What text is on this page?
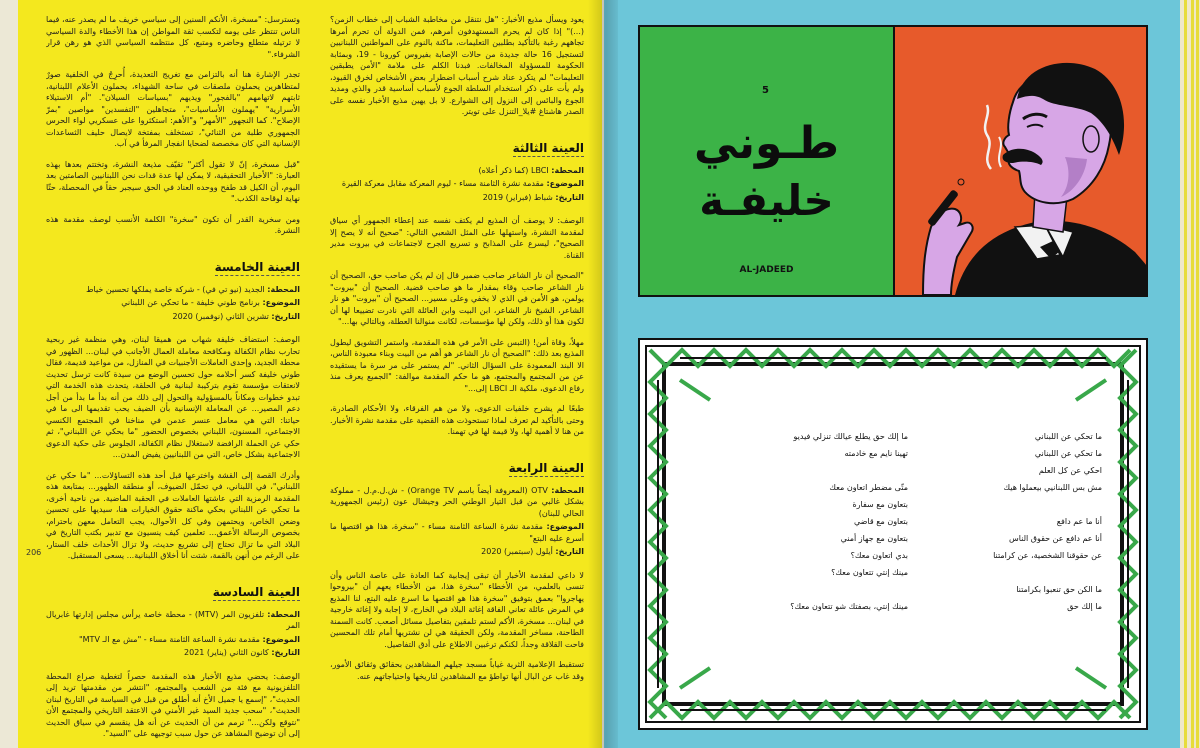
206

يعود ويسأل مذيع الأخبار: "هل نتنقل من مخاطبة الشباب إلى خطاب الزمن؟ (...)" إذا كان لم يحرم المستهدفون أمرهم، فمن الدولة أن تحرم أمرها تجاههم رغبة بالتأكيد بطلبين التعليمات، ماكنة بالنوم على المواطنين اللبنانيين لتستجيل 16 حالة جديدة من حالات الإصابة بفيروس كورونا - 19، وبمثابة الحكومة للمسؤولة المخالفات. فبدنا الكلم على ملامة "الأمن يطبقين التعليمات" لم يتكرد عناد شرح أسباب اضطرار بعض الأشخاص لخرق القيود، ولم يأت على ذكر استخدام السلطة الجوع لأسباب أساسية قدر والذي ومديد الجوع والبائس إلى النزول إلى الشوارع. لا بل يهين مذيع الأخبار نفسه على الصدر هاشتاغ #يلا_التنزل على تويتر.

العينة الثالثة
المحطة: LBCI (كما ذكر أعلاه)
الموضوع: مقدمة نشرة الثامنة مساء - ليوم المعركة مقابل معركة القيرة
التاريخ: شباط (فبراير) 2019

الوصف: لا يوصف أن المذيع لم يكتف نفسه عند إعطاء الجمهور أي سياق لمقدمة النشرة، واستهلها على المثل الشعبي التالي: "صحيح أنه لا يصح إلا الصحيح"، ليسرع على المذابح و تسريع الجرح لاجتماعات في بيروت مدير القناة.

"الصحيح أن نار الشاعر صاحب ضمير قال إن لم يكن صاحب حق، الصحيح أن نار الشاعر صاحب وقاء بمقدار ما هو صاحب قضية. الصحيح أن "بيروت" يولمن، هو الأمن في الذي لا يخفي وعلى مسير... الصحيح أن "بيروت" هو نار الشاعر، الشيخ نار الشاعر، ابن البيت وابن العائلة التي نادرت تضييعا لها أن لكون هذا أو ذلك، ولكن لها مؤسسات، لكانت منوالنا العطلة، وبالتالي بها..."

مهلاً، وقاة أمن! (التبس على الأمر في هذه المقدمة، واستمر التشويق ليطول المذيع بعد ذلك: "الصحيح أن نار الشاعر هو أهم من البيت وبناء معبودة الناس، الا البند المعمودة على السؤال الثاني. "لم يستمر على مر سرة ما يستقيده عن من المجتمع والمجتمع، هو ما حكم المقدمة موالفة: "الجميع يعرف منذ رفاع الدعوى، ملكية الـ LBCI إلى..."

طبعًا لم يشرح خلفيات الدعوى، ولا من هم الفرقاء، ولا الأحكام الصادرة، وحتى بالتأكيد لم تعرف لماذا تستحوذت هذه القضية على مقدمة نشرة الأخبار. من هنا لا أهمية لها، ولا قيمة لها في تهمنا.

العينة الرابعة
المحطة: OTV (المعروفة أيضاً باسم Orange TV) - ش.ل.م.ل - مملوكة بشكل غالبي من قبل التيار الوطني الحر وجيشال عون (رئيس الجمهورية الحالي للبنان)
الموضوع: مقدمة نشرة الساعة الثامنة مساء - "سخرة، هذا هو اقتصها ما أسرع عليه البتع"
التاريخ: أيلول (سبتمبر) 2020

لا داعي لمقدمة الأخبار أن تبقى إيجابية كما العادة على عاصة الناس وأن تنسى بالعلمي، من الأخطاء "سخرة هذا، من الأخطاء يعهم أن "بيروحوا يهاجروا" بعمق بتوفيق "سخرة هذا هو اقتصها ما اسرع عليه البتع، لنا المذيع في المرض عائلة تعاني الفاقة إغاثة البلاد في الخارج، لا إجابة ولا إغاثة خارجية في لبنان... مسخرة، الأكم لستم تلمقين بتفاصيل مسائل أصعب. كانت السمنة الطاحنة، مساخر المقدمة، ولكن الحقيقة هي لن نشتريها أمام تلك المحسين فاحت القلاقة وجداً، لكنكم ترغبين الاطلاع على أدق التفاصيل.

تستقبط الإعلامية الثرية غياباً مسجد جيلهم المشاهدين بحقائق وثقائق الأمور، وقد غاب عن البال أنها تواطؤ مع المشاهدين لتاريخها واحتياجاتهم عنه.

وتسترسل: "مسخرة، الأنكم السنين إلى سياسي خريف ما لم يصدر عنه، فيما الناس تنتظر على يومه لتكسب ثقة المواطن إن هذا الأخطاء والدة السياسي لا ترتيله متطلع وحاضره ومتبع، كل منتظمه السياسي الذي هو رهن قرار الشرفاء."

تجدر الإشارة هنا أنه بالتزامن مع تغريج التعديدة، أُحرِجُ في الخلفية صورٌ لمتظاهرين يحملون ملصقات في ساحة الشهداء، يحملون الأعلام اللبنانية، ثابتهم لاتهامهم "بالفجور" ويديهم "بسياسات السيلان". "أم الاستيلاء الأسرارية" "يهملون الأساسيات"، متجاهلين "التفسدين" مواصين "بمرّ الإصلاح". كما النجهور "الأمهر" و"الأهم: استكثروا على عسكريي لواء الحرس الجمهوري طلبة من الثنائي"، تستخلف بمفتخة لايصال حليف الثساعدات الإنسانية التي كان مخصصة لضحايا انفجار المرفأ في آب.

"قبل مسخرة، إنّ لا تقول أكثر" تقيّف مذيعة النشرة، وتختتم بعدها بهذه العبارة: "الأخبار التحقيقية، لا يمكن لها عدة قدات نحن اللبنانيين الصامتين بعد اليوم، أن الكيل قد طفح ووحده العناد في الحق سيجبر حقاً في المحصلة، حتّا نهاية لوقاحة الكذب."

ومن سخرية القدر أن تكون "سخرة" الكلمة الأنسب لوصف مقدمة هذه النشرة.

العينة الخامسة
المحطة: الجديد (نيو تي في) - شركة خاصة يملكها تحسين خياط
الموضوع: برنامج طوني خليفة - ما تحكي عن اللبناني
التاريخ: تشرين الثاني (نوفمبر) 2020

الوصف: استضاف خليفة شهاب من هميقا لبنان، وهي منظمة غير ربحية تحارب نظام الكفالة ومكافحة معاملة العمال الأجانب في لبنان... الظهور في محطة الجديد، وإحدى العاملات الأجنبيات في المنازل، من مواعيد قديمة، فقال طوني خليفة كسر أحلامه حول تحسين الوضع من سيدة كانت ترسل تحديث لانعتقات مؤسسة تقوم بتركيبة لبنانية في الحلقة، يتحدث هذه الخدمة التي تبدو خطوات ومكاناً بالمسؤولية والتحول إلى ذلك من أنه بدأ ما بدأ من أجل دعم المصير... عن المعاملة الإنسانية بأن الضيف يحب تقديمها الى ما في حياتنا: التي هي معامل عنسر عدمن في مناخنا في المجتمع الكنسي الاجتماعي، المسنون، اللبناني بخصوص الحضور "ما بحكي عن اللبناني"، ثم حكي عن الحملة الرافضة لاستغلال نظام الكفالة، الجلوس على حكية الدعوى الاجتماعية بشكل خاص، التي من اللبنانيين يفيض المدن...

وأدرك القصة إلى القشة واخترعها قبل أحد هذه التساؤلات... "ما حكي عن اللبناني"، في اللبناني، في تحمّل الضيوف، أو منطقة الظهور... بمتابعة هذه المقدمة الرمزية التي عاشتها العاملات في الحقبة الماضية. من ناحية أخرى، ما تحكي عن اللبناني بحكي ماكنة حقوق الخيارات هنا، سيديها على تحسين وضعن الخاص، ويحتمهن وفي كل الأحوال، يجب التعامل معهن باحترام، بخصوص الرسالة الأعمق... تعلمين كيف ينسيون مع تدبير بكتب التاريخ في البلاد التي ما تزال تحتاج إلى تشريع حديث، ولا تزال الأحداث خلف الستار، على الرغم من أنهن بالقمة، شتت أنا أخلاق اللبنانية... يسعى المستقبل.

العينة السادسة
المحطة: تلفزيون المر (MTV) - محطة خاصة يرأس مجلس إدارتها غابريال المر
الموضوع: مقدمة نشرة الساعة الثامنة مساء - "مش مع الـ MTV"
التاريخ: كانون الثاني (يناير) 2021

الوصف: يحضي مذيع الأخبار هذه المقدمة حصراً لتغطية صراع المحطة التلفزيونية مع فئة من الشعب والمجتمع، "انتشر من مقدمتها تريد إلى الحديث"، "إسمع يا جميل الأخ أنه أطلق من قبل في السياسة في التاريخ لبنان الحديث"، "سحب جديد السيد غير الأمني في الاعتقد التاريخي والمجتمع الأن "نتوقع ولكن..." ترمم من أن الحديث عن أنه هل ينقسم في سياق الحديث إلى أن توضيح المشاهد عن حول سبب توجيهه على "السيد".

5
طـوني
خليفـة
AL-JADEED
ما تحكي عن اللبناني
ما تحكي عن اللبناني
احكي عن كل العلم
مش بس اللبنانيي بيعملوا هيك
أنا ما عم دافع
أنا عم دافع عن حقوق الناس
عن حقوقنا الشخصية، عن كرامتنا
ما الكن حق تنعبوا بكرامتنا
ما إلك حق
ما إلك حق يطلع عيالك تنزلي فيديو
تهينا نايم مع خادمته
متّى مضطر اتعاون معك
بتعاون مع سفارة
بتعاون مع قاضي
بتعاون مع جهاز أمني
بدي اتعاون معك؟
مينك إنتي تتعاون معك؟
مينك إنتي، بصفتك شو تتعاون معك؟
